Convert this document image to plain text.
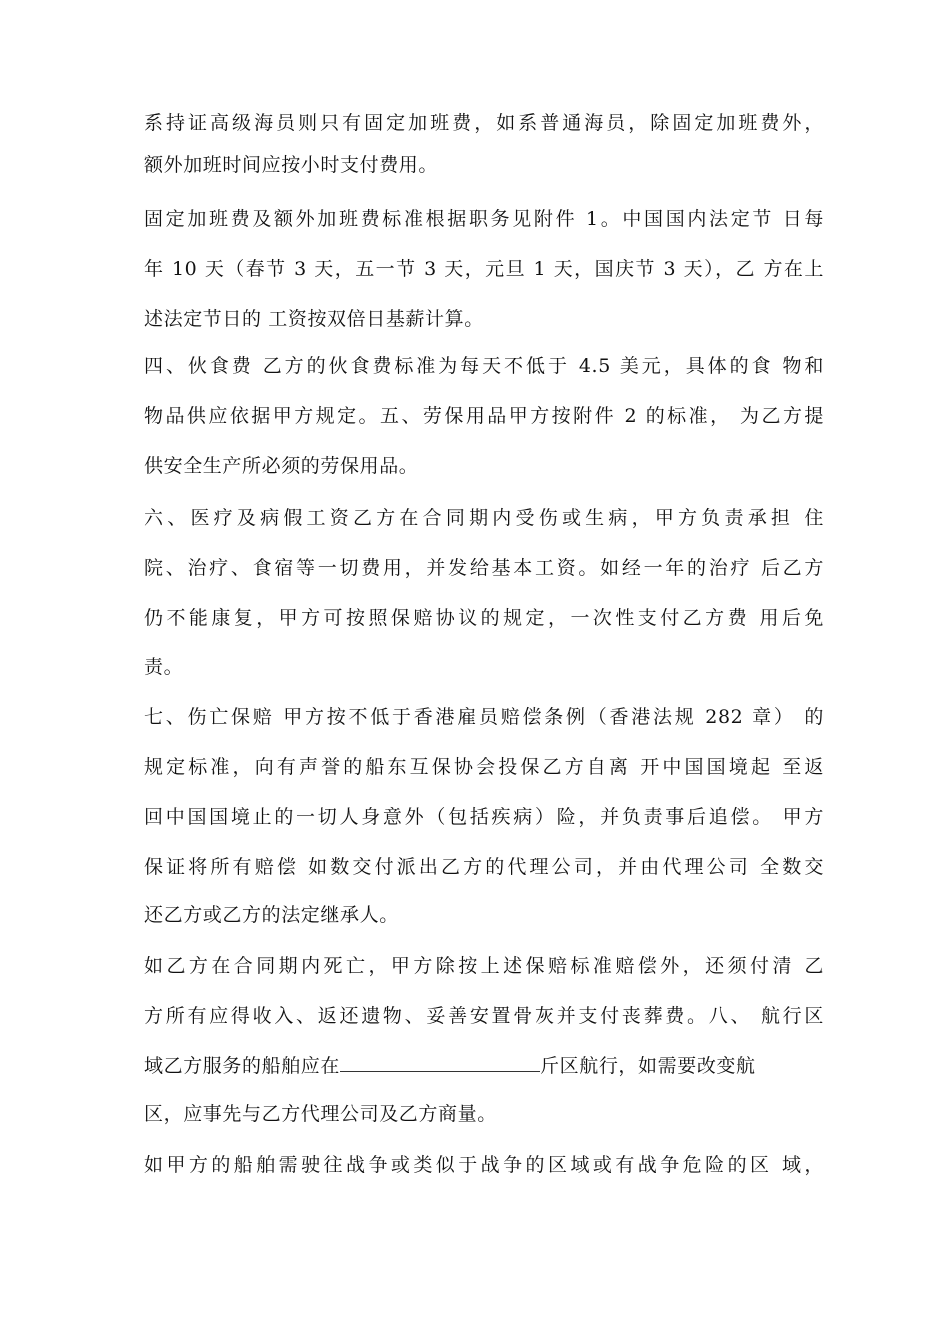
系持证高级海员则只有固定加班费，如系普通海员，除固定加班费外，
额外加班时间应按小时支付费用。
固定加班费及额外加班费标准根据职务见附件 1。中国国内法定节 日每
年 10 天（春节 3 天，五一节 3 天，元旦 1 天，国庆节 3 天），乙 方在上
述法定节日的 工资按双倍日基薪计算。
四、伙食费 乙方的伙食费标准为每天不低于 4.5 美元，具体的食 物和
物品供应依据甲方规定。五、劳保用品甲方按附件 2 的标准， 为乙方提
供安全生产所必须的劳保用品。
六、医疗及病假工资乙方在合同期内受伤或生病，甲方负责承担 住
院、治疗、食宿等一切费用，并发给基本工资。如经一年的治疗 后乙方
仍不能康复，甲方可按照保赔协议的规定，一次性支付乙方费 用后免
责。
七、伤亡保赔 甲方按不低于香港雇员赔偿条例（香港法规 282 章） 的
规定标准，向有声誉的船东互保协会投保乙方自离 开中国国境起 至返
回中国国境止的一切人身意外（包括疾病）险，并负责事后追偿。 甲方
保证将所有赔偿 如数交付派出乙方的代理公司，并由代理公司 全数交
还乙方或乙方的法定继承人。
如乙方在合同期内死亡，甲方除按上述保赔标准赔偿外，还须付清 乙
方所有应得收入、返还遗物、妥善安置骨灰并支付丧葬费。八、 航行区
域乙方服务的船舶应在	斤区航行，如需要改变航
区，应事先与乙方代理公司及乙方商量。
如甲方的船舶需驶往战争或类似于战争的区域或有战争危险的区 域，
